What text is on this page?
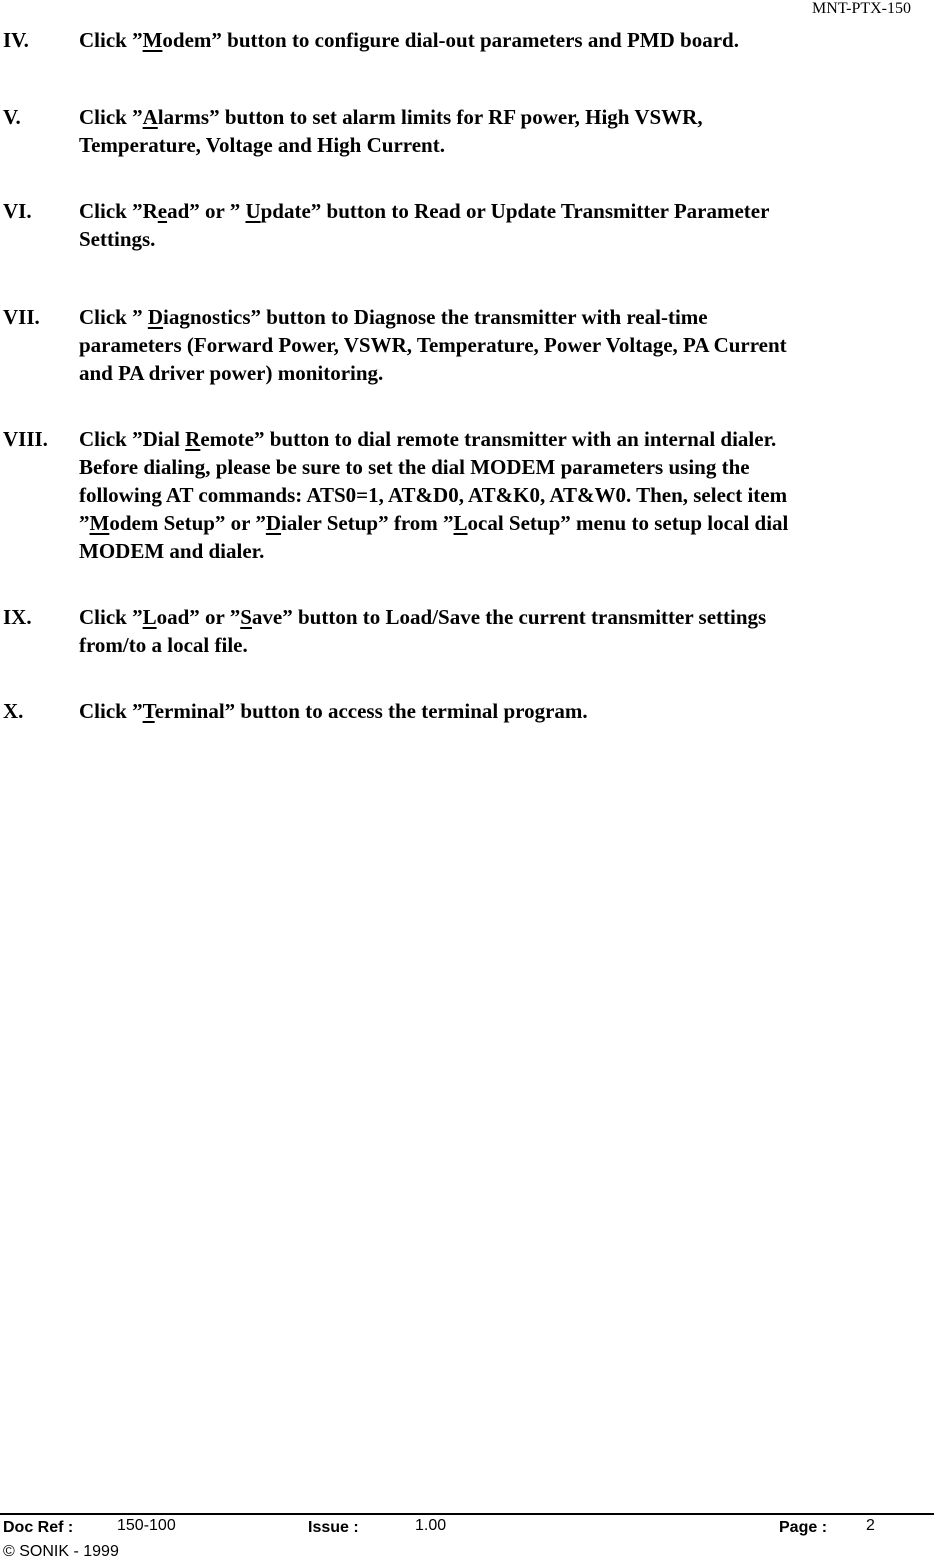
MNT-PTX-150
IV. Click ”Modem” button to configure dial-out parameters and PMD board.
V.	Click ”Alarms” button to set alarm limits for RF power, High VSWR,
Temperature, Voltage and High Current.
VI. Click ”Read” or ” Update” button to Read or Update Transmitter Parameter
Settings.
VII. Click ” Diagnostics” button to Diagnose the transmitter with real-time
parameters (Forward Power, VSWR, Temperature, Power Voltage, PA Current
and PA driver power) monitoring.
VIII. Click ”Dial Remote” button to dial remote transmitter with an internal dialer.
Before dialing, please be sure to set the dial MODEM parameters using the
following AT commands: ATS0=1, AT&D0, AT&K0, AT&W0. Then, select item
”Modem Setup” or ”Dialer Setup” from ”Local Setup” menu to setup local dial
MODEM and dialer.
IX. Click ”Load” or ”Save” button to Load/Save the current transmitter settings
from/to a local file.
X.	Click ”Terminal” button to access the terminal program.
Doc Ref :	150-100	Issue :	1.00	Page : 2
© SONIK - 1999
